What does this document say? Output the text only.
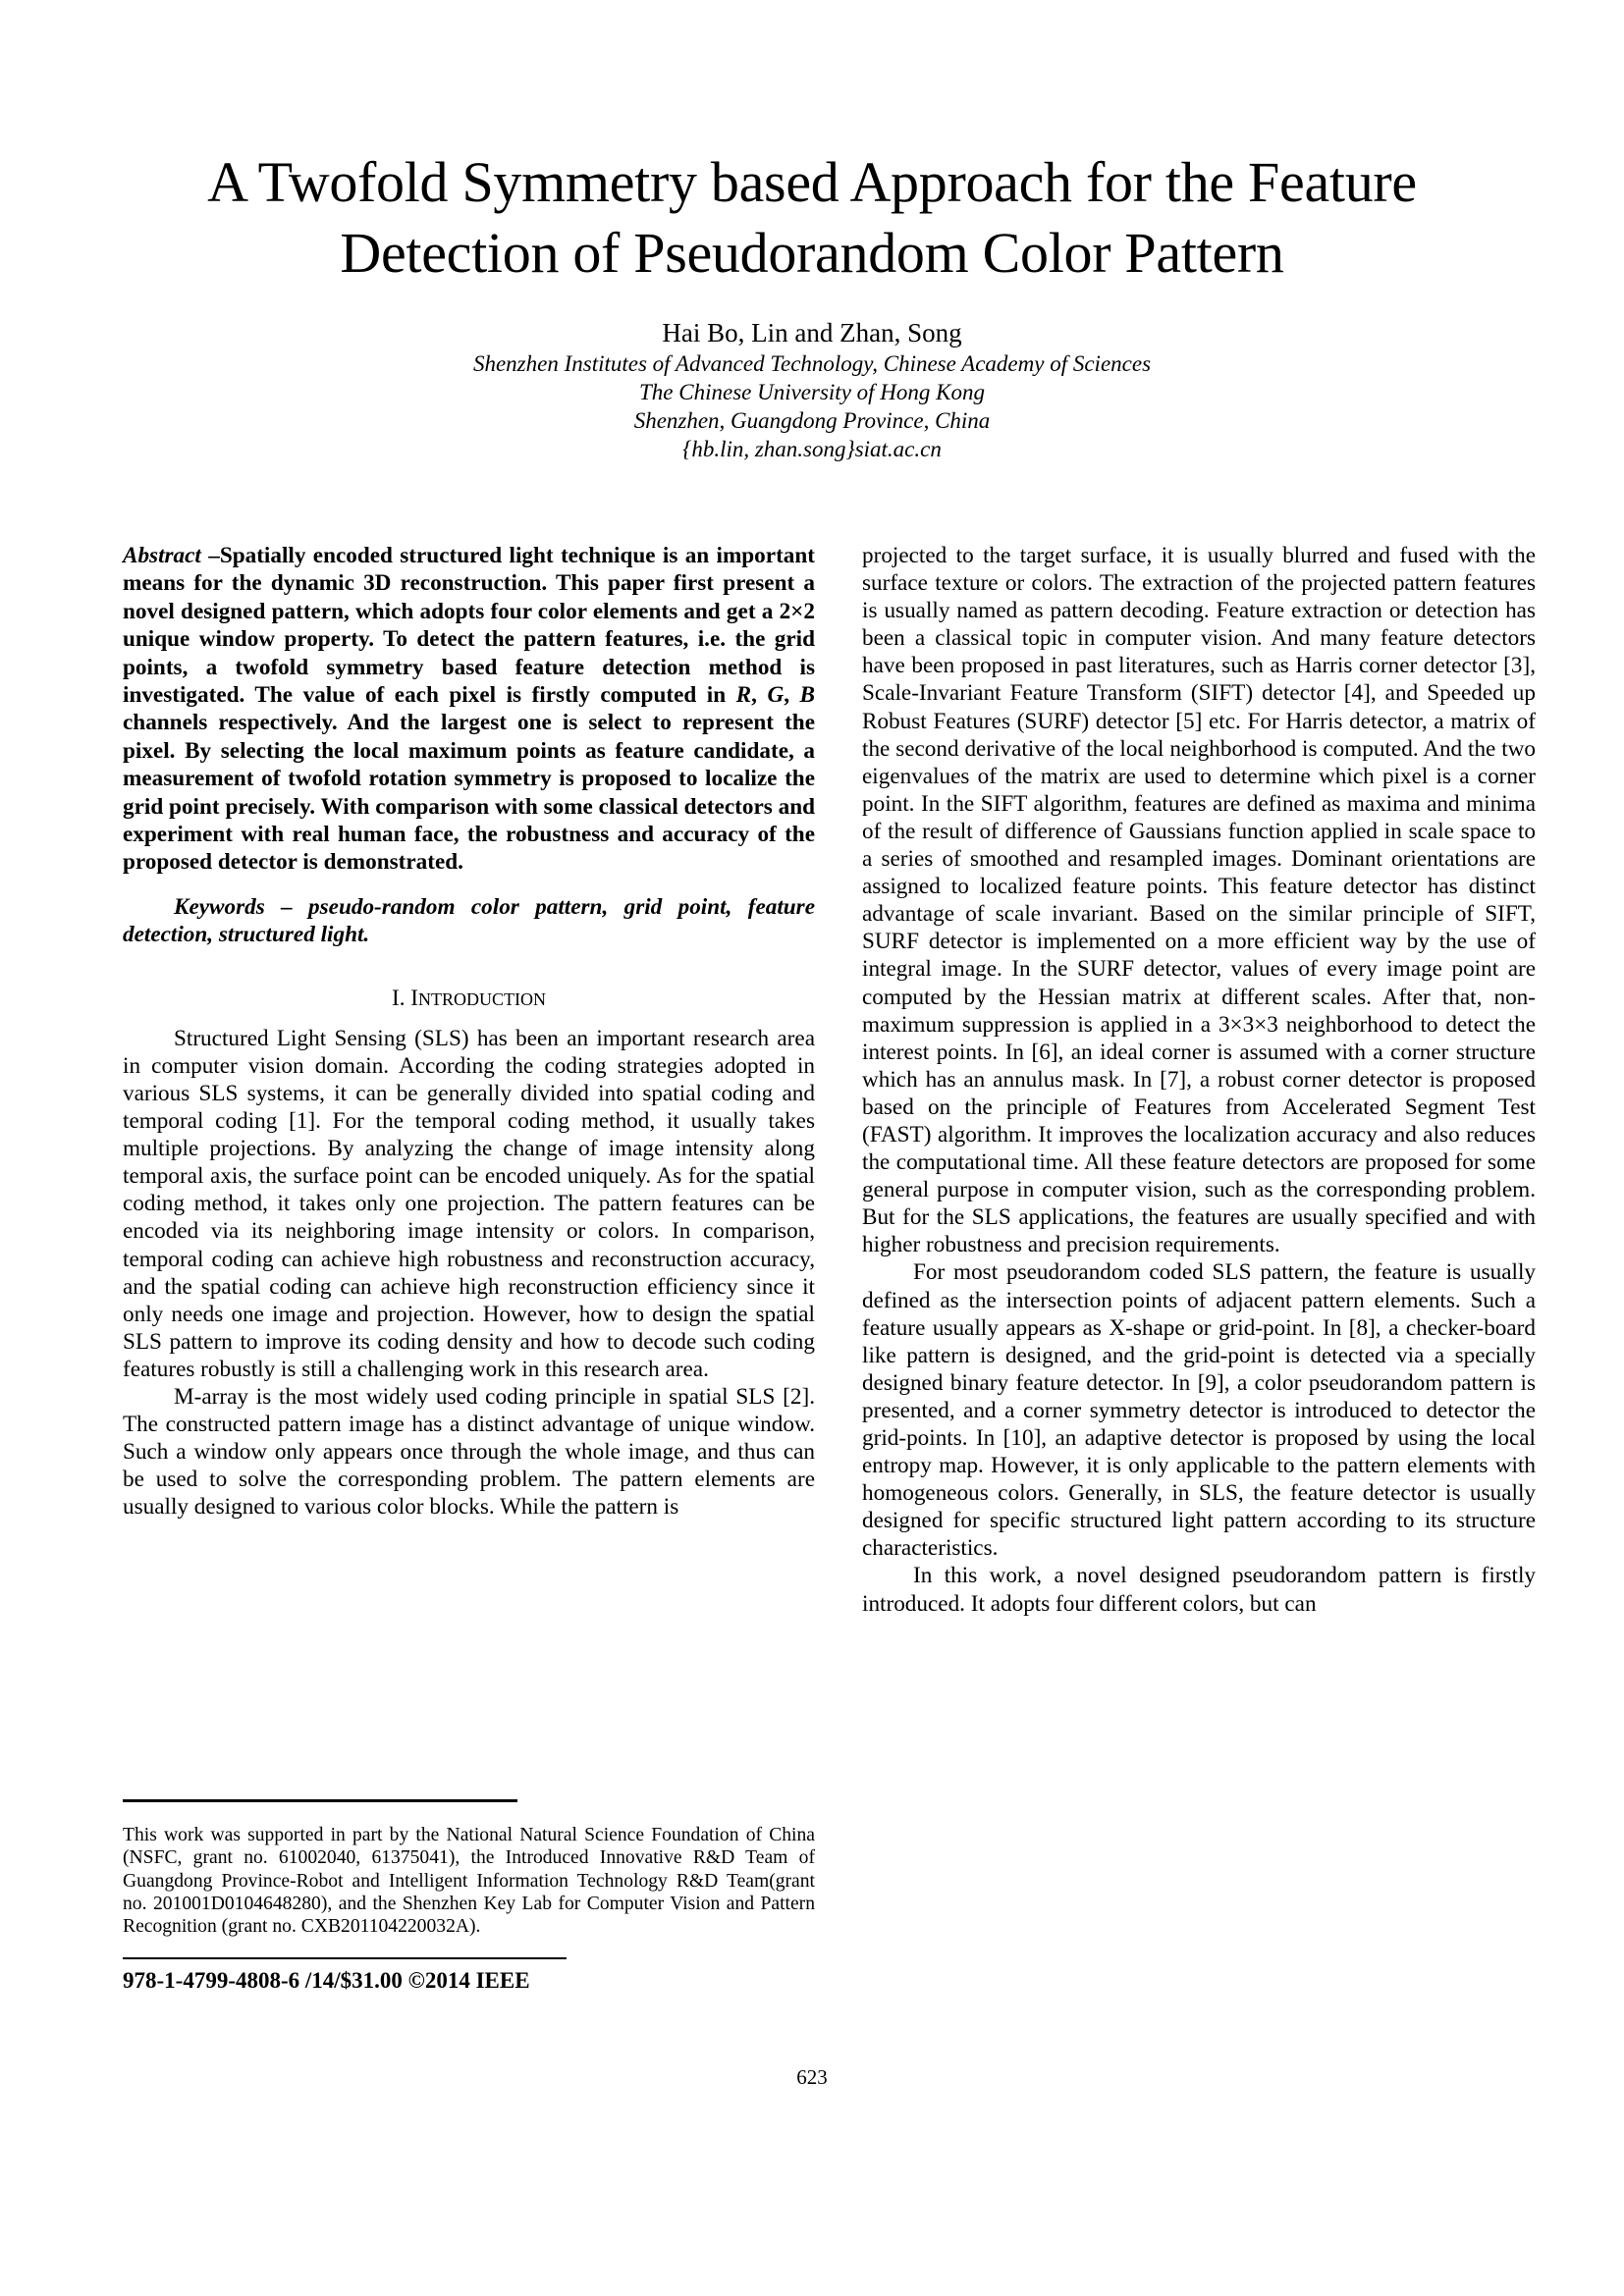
A Twofold Symmetry based Approach for the Feature
Detection of Pseudorandom Color Pattern
Hai Bo, Lin and Zhan, Song
Shenzhen Institutes of Advanced Technology, Chinese Academy of Sciences
The Chinese University of Hong Kong
Shenzhen, Guangdong Province, China
{hb.lin, zhan.song}siat.ac.cn

Abstract –Spatially encoded structured light technique is an important means for the dynamic 3D reconstruction. This paper first present a novel designed pattern, which adopts four color elements and get a 2×2 unique window property. To detect the pattern features, i.e. the grid points, a twofold symmetry based feature detection method is investigated. The value of each pixel is firstly computed in R, G, B channels respectively. And the largest one is select to represent the pixel. By selecting the local maximum points as feature candidate, a measurement of twofold rotation symmetry is proposed to localize the grid point precisely. With comparison with some classical detectors and experiment with real human face, the robustness and accuracy of the proposed detector is demonstrated.

Keywords – pseudo-random color pattern, grid point, feature detection, structured light.

I. INTRODUCTION

Structured Light Sensing (SLS) has been an important research area in computer vision domain. According the coding strategies adopted in various SLS systems, it can be generally divided into spatial coding and temporal coding [1]. For the temporal coding method, it usually takes multiple projections. By analyzing the change of image intensity along temporal axis, the surface point can be encoded uniquely. As for the spatial coding method, it takes only one projection. The pattern features can be encoded via its neighboring image intensity or colors. In comparison, temporal coding can achieve high robustness and reconstruction accuracy, and the spatial coding can achieve high reconstruction efficiency since it only needs one image and projection. However, how to design the spatial SLS pattern to improve its coding density and how to decode such coding features robustly is still a challenging work in this research area.

M-array is the most widely used coding principle in spatial SLS [2]. The constructed pattern image has a distinct advantage of unique window. Such a window only appears once through the whole image, and thus can be used to solve the corresponding problem. The pattern elements are usually designed to various color blocks. While the pattern is

projected to the target surface, it is usually blurred and fused with the surface texture or colors. The extraction of the projected pattern features is usually named as pattern decoding. Feature extraction or detection has been a classical topic in computer vision. And many feature detectors have been proposed in past literatures, such as Harris corner detector [3], Scale-Invariant Feature Transform (SIFT) detector [4], and Speeded up Robust Features (SURF) detector [5] etc. For Harris detector, a matrix of the second derivative of the local neighborhood is computed. And the two eigenvalues of the matrix are used to determine which pixel is a corner point. In the SIFT algorithm, features are defined as maxima and minima of the result of difference of Gaussians function applied in scale space to a series of smoothed and resampled images. Dominant orientations are assigned to localized feature points. This feature detector has distinct advantage of scale invariant. Based on the similar principle of SIFT, SURF detector is implemented on a more efficient way by the use of integral image. In the SURF detector, values of every image point are computed by the Hessian matrix at different scales. After that, non-maximum suppression is applied in a 3×3×3 neighborhood to detect the interest points. In [6], an ideal corner is assumed with a corner structure which has an annulus mask. In [7], a robust corner detector is proposed based on the principle of Features from Accelerated Segment Test (FAST) algorithm. It improves the localization accuracy and also reduces the computational time. All these feature detectors are proposed for some general purpose in computer vision, such as the corresponding problem. But for the SLS applications, the features are usually specified and with higher robustness and precision requirements.

For most pseudorandom coded SLS pattern, the feature is usually defined as the intersection points of adjacent pattern elements. Such a feature usually appears as X-shape or grid-point. In [8], a checker-board like pattern is designed, and the grid-point is detected via a specially designed binary feature detector. In [9], a color pseudorandom pattern is presented, and a corner symmetry detector is introduced to detector the grid-points. In [10], an adaptive detector is proposed by using the local entropy map. However, it is only applicable to the pattern elements with homogeneous colors. Generally, in SLS, the feature detector is usually designed for specific structured light pattern according to its structure characteristics.

In this work, a novel designed pseudorandom pattern is firstly introduced. It adopts four different colors, but can

This work was supported in part by the National Natural Science Foundation of China (NSFC, grant no. 61002040, 61375041), the Introduced Innovative R&D Team of Guangdong Province-Robot and Intelligent Information Technology R&D Team(grant no. 201001D0104648280), and the Shenzhen Key Lab for Computer Vision and Pattern Recognition (grant no. CXB201104220032A).

978-1-4799-4808-6 /14/$31.00 ©2014 IEEE

623
